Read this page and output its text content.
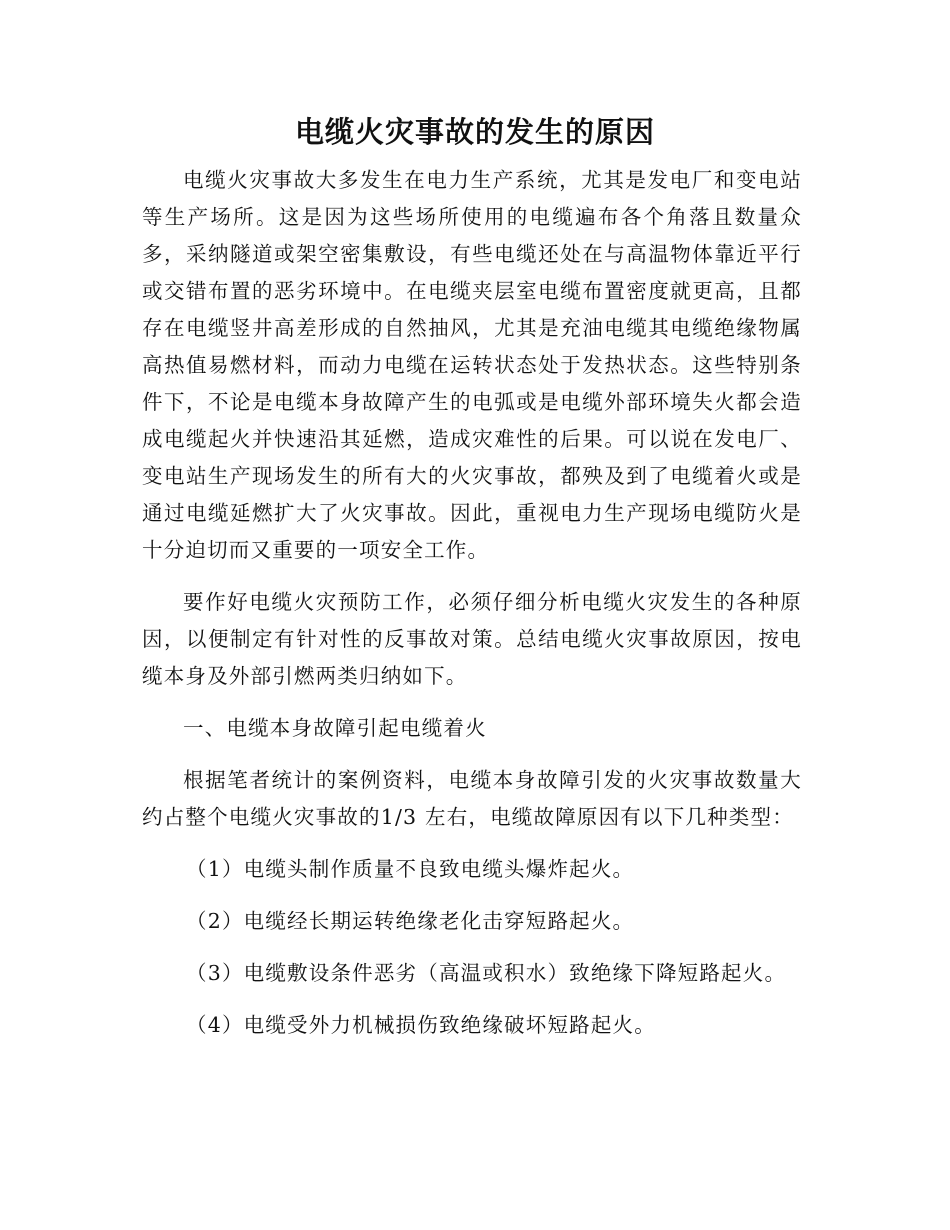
电缆火灾事故的发生的原因

电缆火灾事故大多发生在电力生产系统，尤其是发电厂和变电站等生产场所。这是因为这些场所使用的电缆遍布各个角落且数量众多，采纳隧道或架空密集敷设，有些电缆还处在与高温物体靠近平行或交错布置的恶劣环境中。在电缆夹层室电缆布置密度就更高，且都存在电缆竖井高差形成的自然抽风，尤其是充油电缆其电缆绝缘物属高热值易燃材料，而动力电缆在运转状态处于发热状态。这些特别条件下，不论是电缆本身故障产生的电弧或是电缆外部环境失火都会造成电缆起火并快速沿其延燃，造成灾难性的后果。可以说在发电厂、变电站生产现场发生的所有大的火灾事故，都殃及到了电缆着火或是通过电缆延燃扩大了火灾事故。因此，重视电力生产现场电缆防火是十分迫切而又重要的一项安全工作。

要作好电缆火灾预防工作，必须仔细分析电缆火灾发生的各种原因，以便制定有针对性的反事故对策。总结电缆火灾事故原因，按电缆本身及外部引燃两类归纳如下。

一、电缆本身故障引起电缆着火

根据笔者统计的案例资料，电缆本身故障引发的火灾事故数量大约占整个电缆火灾事故的1/3 左右，电缆故障原因有以下几种类型：

（1）电缆头制作质量不良致电缆头爆炸起火。

（2）电缆经长期运转绝缘老化击穿短路起火。

（3）电缆敷设条件恶劣（高温或积水）致绝缘下降短路起火。

（4）电缆受外力机械损伤致绝缘破坏短路起火。
